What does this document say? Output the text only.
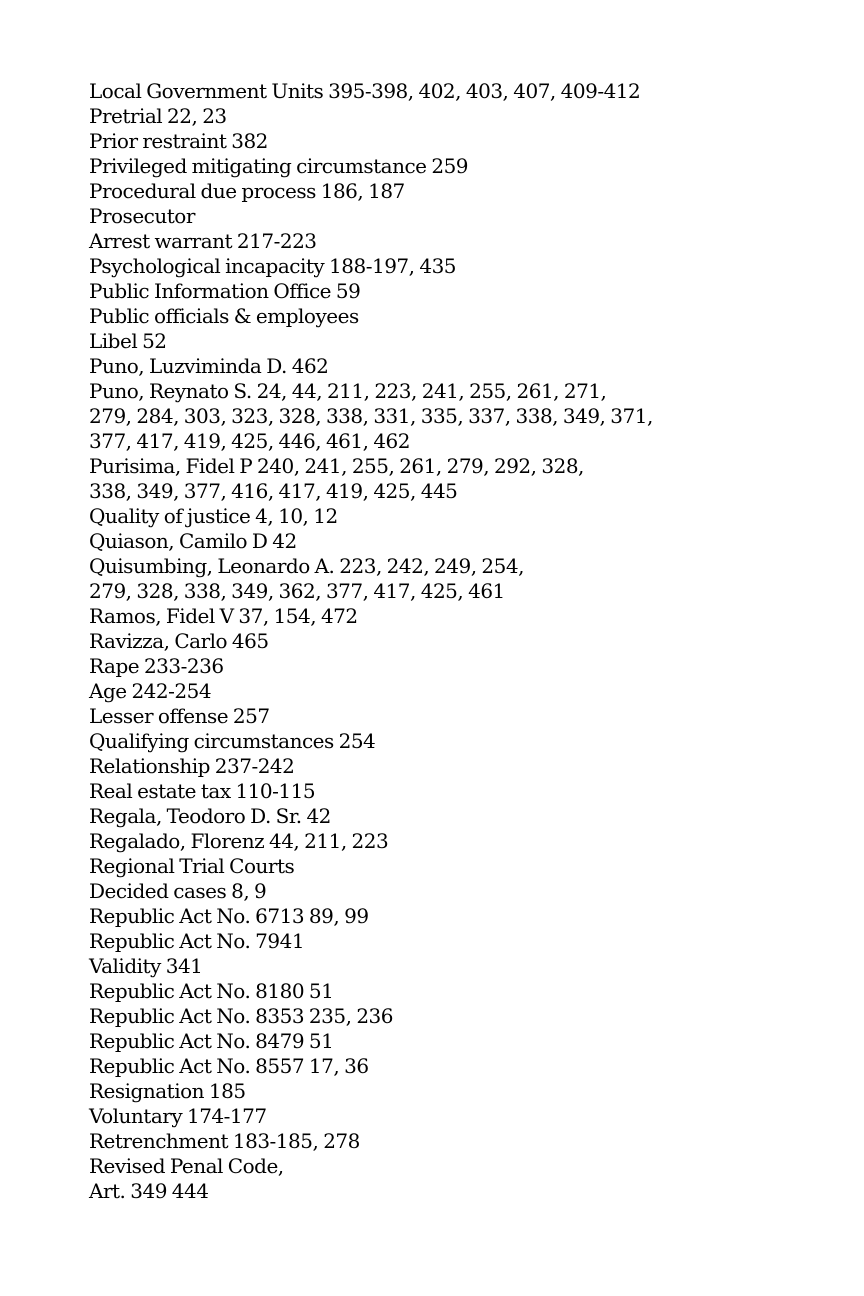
Local Government Units 395-398, 402, 403, 407, 409-412
Pretrial 22, 23
Prior restraint 382
Privileged mitigating circumstance 259
Procedural due process 186, 187
Prosecutor
Arrest warrant 217-223
Psychological incapacity 188-197, 435
Public Information Office 59
Public officials & employees
Libel 52
Puno, Luzviminda D. 462
Puno, Reynato S. 24, 44, 211, 223, 241, 255, 261, 271,
279, 284, 303, 323, 328, 338, 331, 335, 337, 338, 349, 371,
377, 417, 419, 425, 446, 461, 462
Purisima, Fidel P 240, 241, 255, 261, 279, 292, 328,
338, 349, 377, 416, 417, 419, 425, 445
Quality of justice 4, 10, 12
Quiason, Camilo D 42
Quisumbing, Leonardo A. 223, 242, 249, 254,
279, 328, 338, 349, 362, 377, 417, 425, 461
Ramos, Fidel V 37, 154, 472
Ravizza, Carlo 465
Rape 233-236
Age 242-254
Lesser offense 257
Qualifying circumstances 254
Relationship 237-242
Real estate tax 110-115
Regala, Teodoro D. Sr. 42
Regalado, Florenz 44, 211, 223
Regional Trial Courts
Decided cases 8, 9
Republic Act No. 6713 89, 99
Republic Act No. 7941
Validity 341
Republic Act No. 8180 51
Republic Act No. 8353 235, 236
Republic Act No. 8479 51
Republic Act No. 8557 17, 36
Resignation 185
Voluntary 174-177
Retrenchment 183-185, 278
Revised Penal Code,
Art. 349 444
